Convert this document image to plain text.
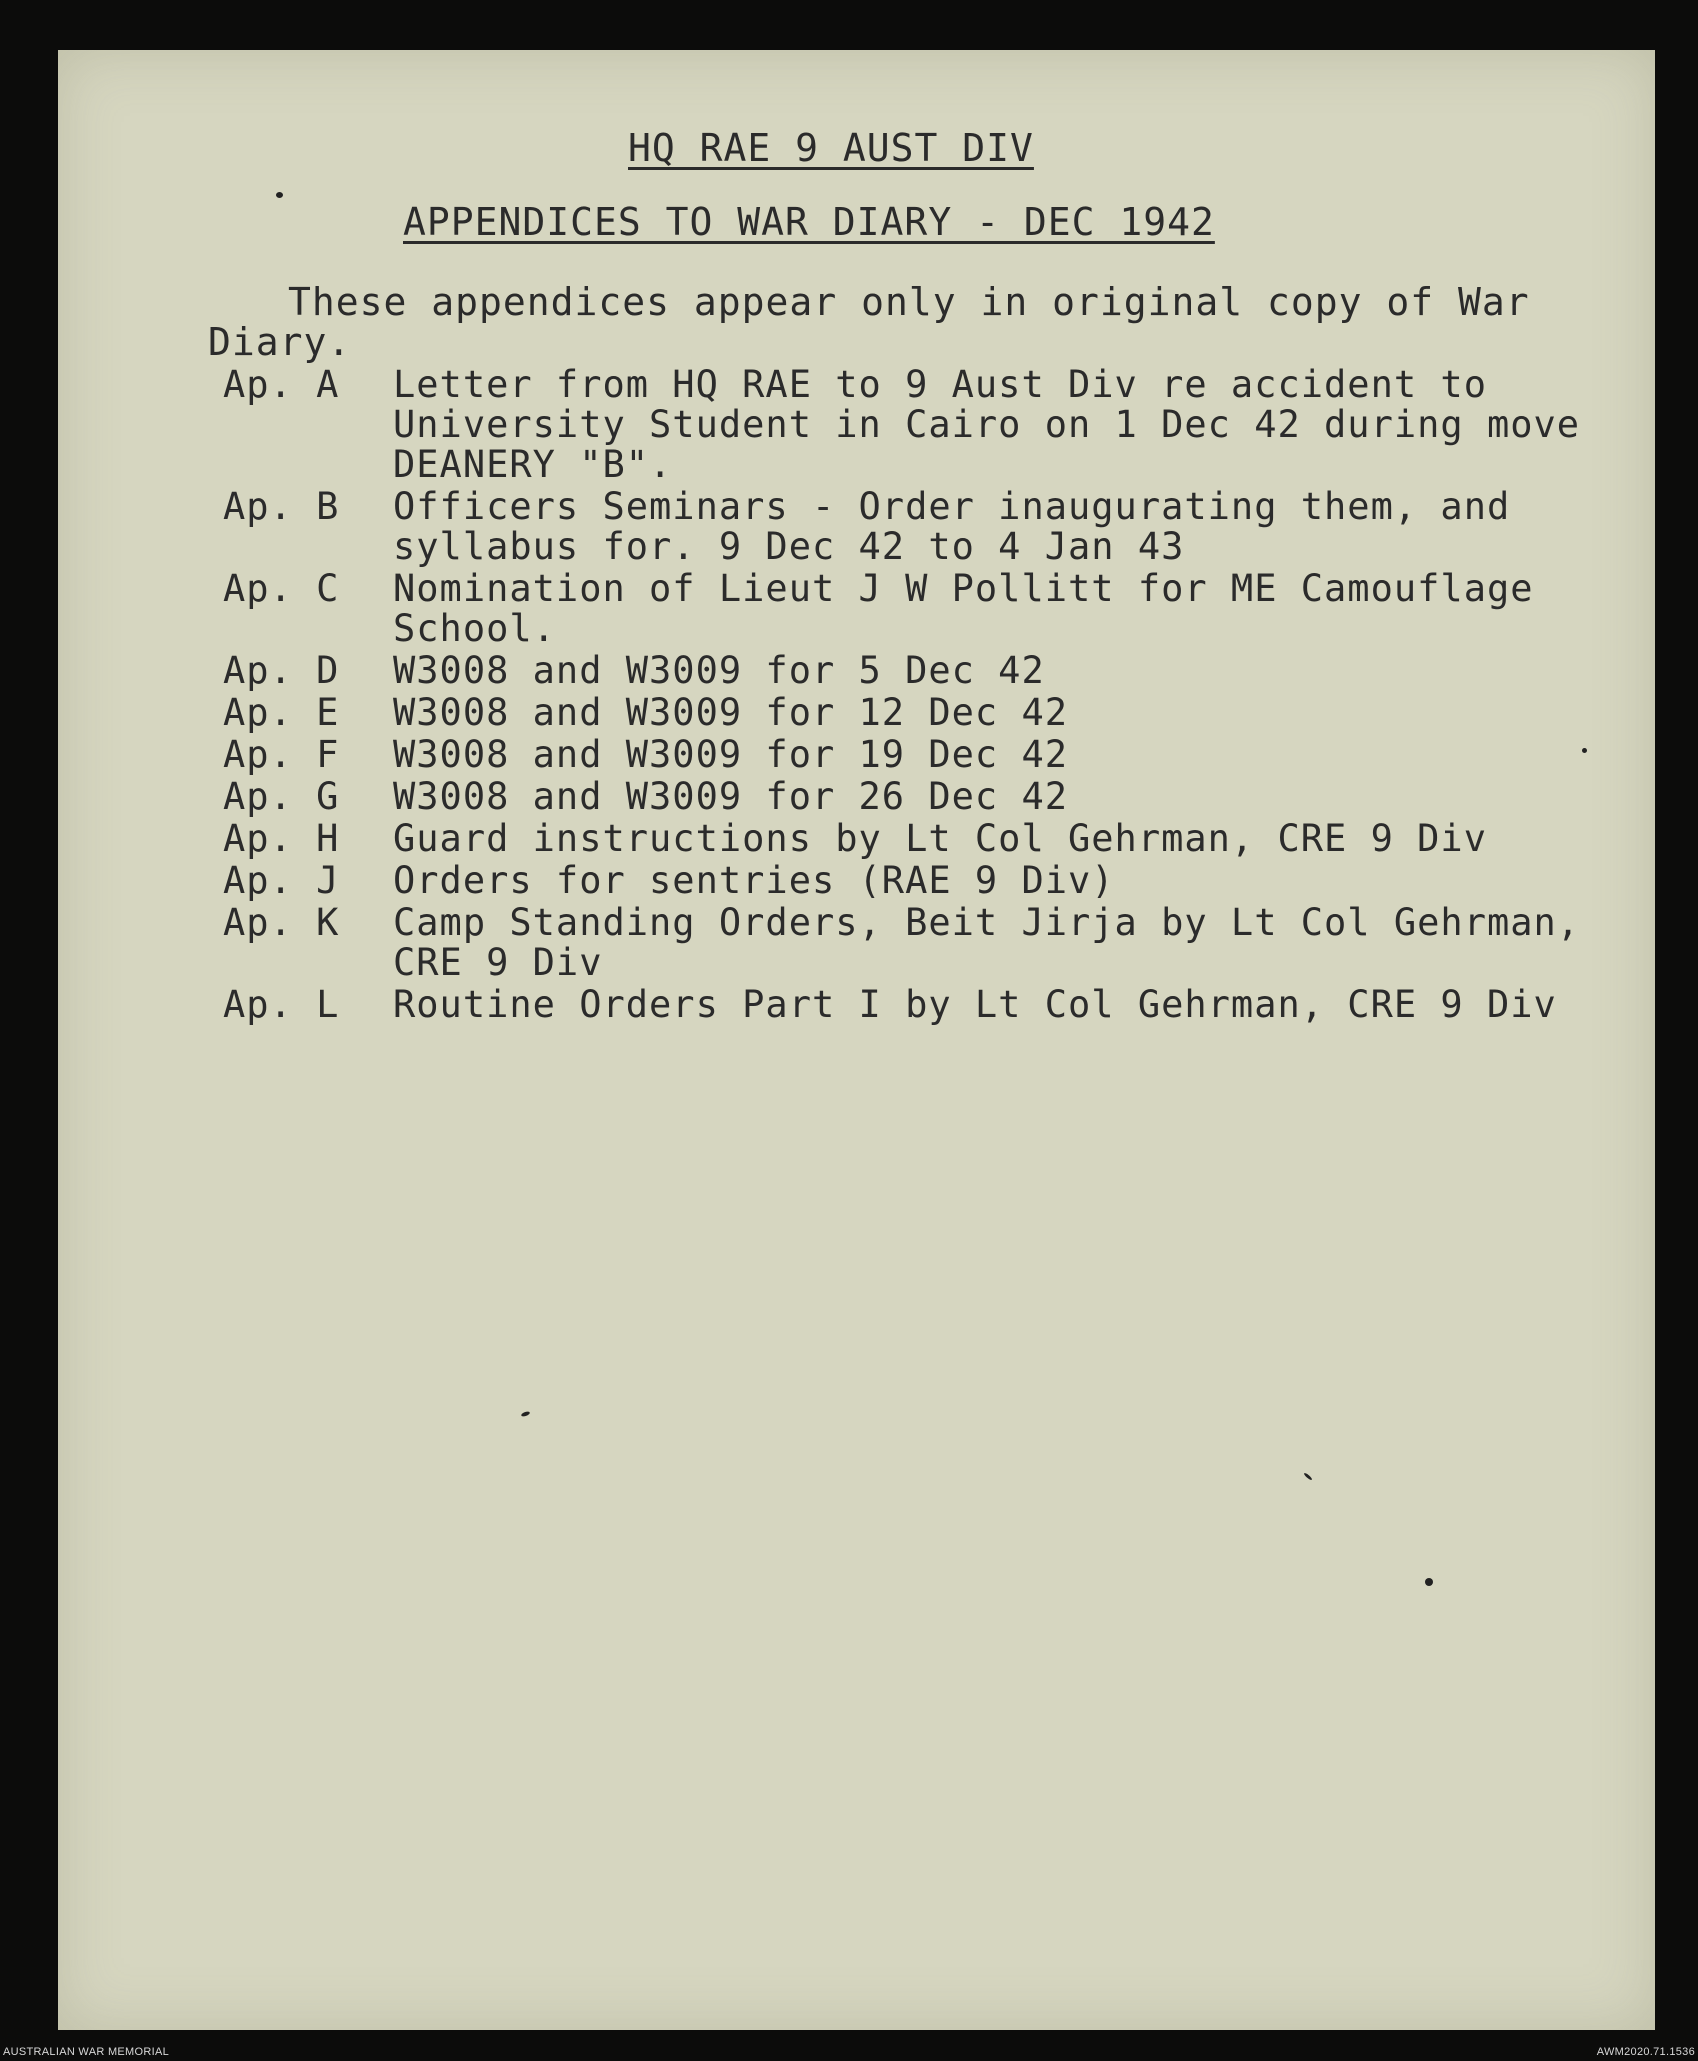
HQ RAE 9 AUST DIV
APPENDICES TO WAR DIARY - DEC 1942
These appendices appear only in original copy of War Diary.
Ap. A	Letter from HQ RAE to 9 Aust Div re accident to University Student in Cairo on 1 Dec 42 during move DEANERY "B".
Ap. B	Officers Seminars - Order inaugurating them, and syllabus for. 9 Dec 42 to 4 Jan 43
Ap. C	Nomination of Lieut J W Pollitt for ME Camouflage School.
Ap. D	W3008 and W3009 for 5 Dec 42
Ap. E	W3008 and W3009 for 12 Dec 42
Ap. F	W3008 and W3009 for 19 Dec 42
Ap. G	W3008 and W3009 for 26 Dec 42
Ap. H	Guard instructions by Lt Col Gehrman, CRE 9 Div
Ap. J	Orders for sentries (RAE 9 Div)
Ap. K	Camp Standing Orders, Beit Jirja by Lt Col Gehrman, CRE 9 Div
Ap. L	Routine Orders Part I by Lt Col Gehrman, CRE 9 Div
AUSTRALIAN WAR MEMORIAL	AWM2020.71.1536
